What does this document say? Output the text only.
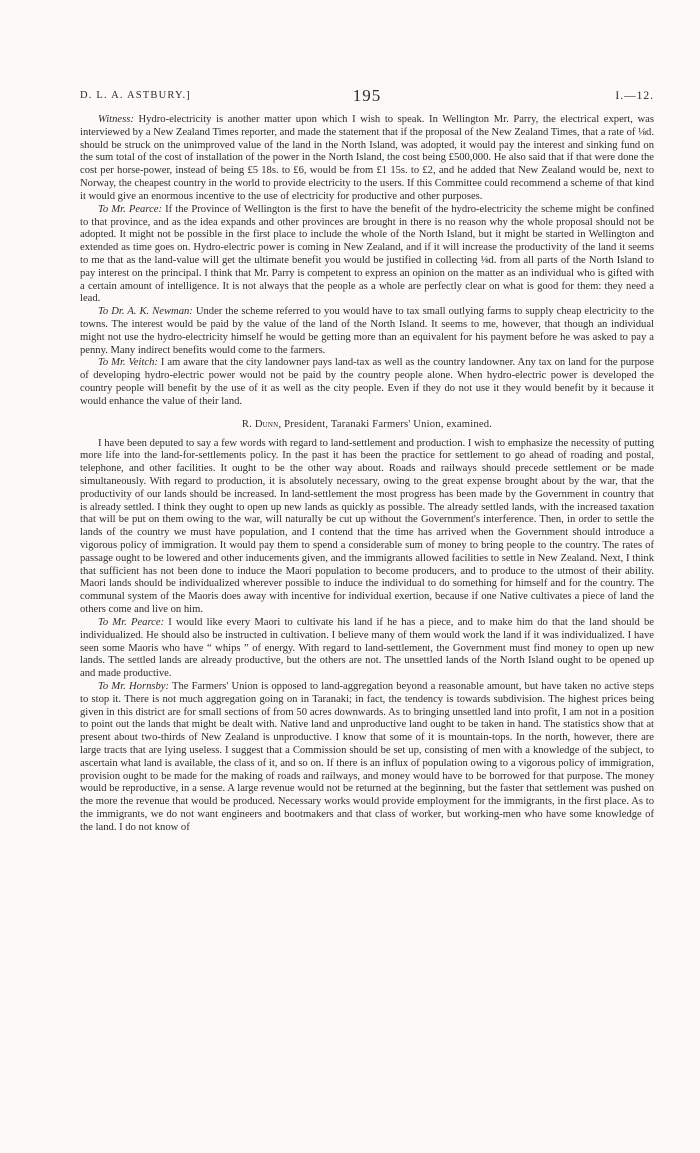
D. L. A. ASTBURY.]	195	I.—12.

Witness: Hydro-electricity is another matter upon which I wish to speak. In Wellington Mr. Parry, the electrical expert, was interviewed by a New Zealand Times reporter, and made the statement that if the proposal of the New Zealand Times, that a rate of ⅛d. should be struck on the unimproved value of the land in the North Island, was adopted, it would pay the interest and sinking fund on the sum total of the cost of installation of the power in the North Island, the cost being £500,000. He also said that if that were done the cost per horse-power, instead of being £5 18s. to £6, would be from £1 15s. to £2, and he added that New Zealand would be, next to Norway, the cheapest country in the world to provide electricity to the users. If this Committee could recommend a scheme of that kind it would give an enormous incentive to the use of electricity for productive and other purposes.

To Mr. Pearce: If the Province of Wellington is the first to have the benefit of the hydro-electricity the scheme might be confined to that province, and as the idea expands and other provinces are brought in there is no reason why the whole proposal should not be adopted. It might not be possible in the first place to include the whole of the North Island, but it might be started in Wellington and extended as time goes on. Hydro-electric power is coming in New Zealand, and if it will increase the productivity of the land it seems to me that as the land-value will get the ultimate benefit you would be justified in collecting ⅛d. from all parts of the North Island to pay interest on the principal. I think that Mr. Parry is competent to express an opinion on the matter as an individual who is gifted with a certain amount of intelligence. It is not always that the people as a whole are perfectly clear on what is good for them: they need a lead.

To Dr. A. K. Newman: Under the scheme referred to you would have to tax small outlying farms to supply cheap electricity to the towns. The interest would be paid by the value of the land of the North Island. It seems to me, however, that though an individual might not use the hydro-electricity himself he would be getting more than an equivalent for his payment before he was asked to pay a penny. Many indirect benefits would come to the farmers.

To Mr. Veitch: I am aware that the city landowner pays land-tax as well as the country landowner. Any tax on land for the purpose of developing hydro-electric power would not be paid by the country people alone. When hydro-electric power is developed the country people will benefit by the use of it as well as the city people. Even if they do not use it they would benefit by it because it would enhance the value of their land.

R. Dunn, President, Taranaki Farmers' Union, examined.

I have been deputed to say a few words with regard to land-settlement and production. I wish to emphasize the necessity of putting more life into the land-for-settlements policy. In the past it has been the practice for settlement to go ahead of roading and postal, telephone, and other facilities. It ought to be the other way about. Roads and railways should precede settlement or be made simultaneously. With regard to production, it is absolutely necessary, owing to the great expense brought about by the war, that the productivity of our lands should be increased. In land-settlement the most progress has been made by the Government in country that is already settled. I think they ought to open up new lands as quickly as possible. The already settled lands, with the increased taxation that will be put on them owing to the war, will naturally be cut up without the Government's interference. Then, in order to settle the lands of the country we must have population, and I contend that the time has arrived when the Government should introduce a vigorous policy of immigration. It would pay them to spend a considerable sum of money to bring people to the country. The rates of passage ought to be lowered and other inducements given, and the immigrants allowed facilities to settle in New Zealand. Next, I think that sufficient has not been done to induce the Maori population to become producers, and to produce to the utmost of their ability. Maori lands should be individualized wherever possible to induce the individual to do something for himself and for the country. The communal system of the Maoris does away with incentive for individual exertion, because if one Native cultivates a piece of land the others come and live on him.

To Mr. Pearce: I would like every Maori to cultivate his land if he has a piece, and to make him do that the land should be individualized. He should also be instructed in cultivation. I believe many of them would work the land if it was individualized. I have seen some Maoris who have “ whips ” of energy. With regard to land-settlement, the Government must find money to open up new lands. The settled lands are already productive, but the others are not. The unsettled lands of the North Island ought to be opened up and made productive.

To Mr. Hornsby: The Farmers' Union is opposed to land-aggregation beyond a reasonable amount, but have taken no active steps to stop it. There is not much aggregation going on in Taranaki; in fact, the tendency is towards subdivision. The highest prices being given in this district are for small sections of from 50 acres downwards. As to bringing unsettled land into profit, I am not in a position to point out the lands that might be dealt with. Native land and unproductive land ought to be taken in hand. The statistics show that at present about two-thirds of New Zealand is unproductive. I know that some of it is mountain-tops. In the north, however, there are large tracts that are lying useless. I suggest that a Commission should be set up, consisting of men with a knowledge of the subject, to ascertain what land is available, the class of it, and so on. If there is an influx of population owing to a vigorous policy of immigration, provision ought to be made for the making of roads and railways, and money would have to be borrowed for that purpose. The money would be reproductive, in a sense. A large revenue would not be returned at the beginning, but the faster that settlement was pushed on the more the revenue that would be produced. Necessary works would provide employment for the immigrants, in the first place. As to the immigrants, we do not want engineers and bootmakers and that class of worker, but working-men who have some knowledge of the land. I do not know of
